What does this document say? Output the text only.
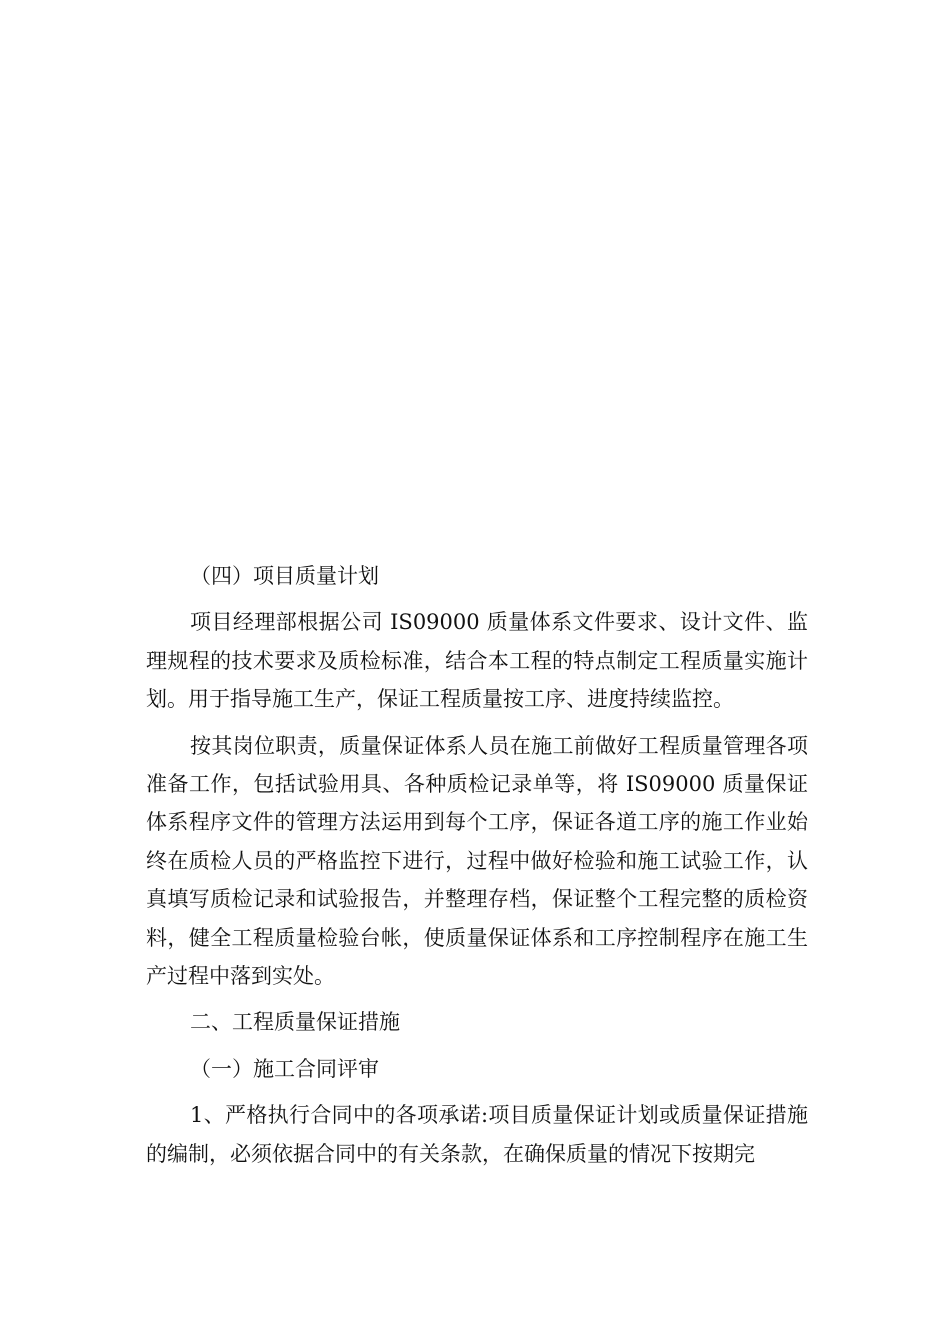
（四）项目质量计划

项目经理部根据公司 IS09000 质量体系文件要求、设计文件、监理规程的技术要求及质检标准，结合本工程的特点制定工程质量实施计划。用于指导施工生产，保证工程质量按工序、进度持续监控。

按其岗位职责，质量保证体系人员在施工前做好工程质量管理各项准备工作，包括试验用具、各种质检记录单等，将 IS09000 质量保证体系程序文件的管理方法运用到每个工序，保证各道工序的施工作业始终在质检人员的严格监控下进行，过程中做好检验和施工试验工作，认真填写质检记录和试验报告，并整理存档，保证整个工程完整的质检资料，健全工程质量检验台帐，使质量保证体系和工序控制程序在施工生产过程中落到实处。

二、工程质量保证措施

（一）施工合同评审

1、严格执行合同中的各项承诺:项目质量保证计划或质量保证措施的编制，必须依据合同中的有关条款，在确保质量的情况下按期完
